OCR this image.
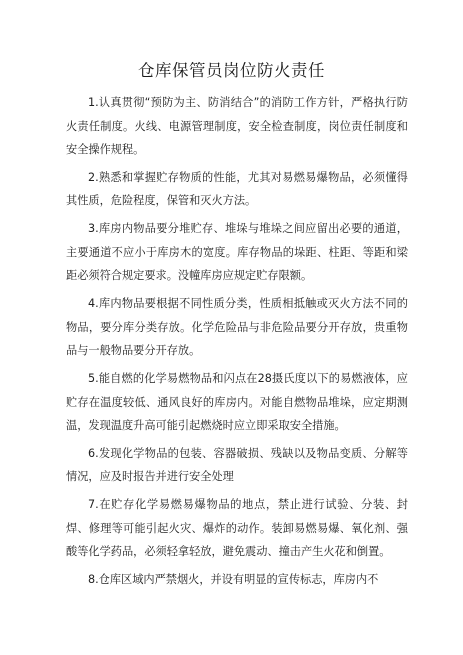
仓库保管员岗位防火责任

1.认真贯彻“预防为主、防消结合”的消防工作方针，严格执行防火责任制度。火线、电源管理制度，安全检查制度，岗位责任制度和安全操作规程。

2.熟悉和掌握贮存物质的性能，尤其对易燃易爆物品，必须懂得其性质，危险程度，保管和灭火方法。

3.库房内物品要分堆贮存、堆垛与堆垛之间应留出必要的通道，主要通道不应小于库房木的宽度。库存物品的垛距、柱距、等距和梁距必须符合规定要求。没幢库房应规定贮存限额。

4.库内物品要根据不同性质分类，性质相抵触或灭火方法不同的物品，要分库分类存放。化学危险品与非危险品要分开存放，贵重物品与一般物品要分开存放。

5.能自燃的化学易燃物品和闪点在28摄氏度以下的易燃液体，应贮存在温度较低、通风良好的库房内。对能自燃物品堆垛，应定期测温，发现温度升高可能引起燃烧时应立即采取安全措施。

6.发现化学物品的包装、容器破损、残缺以及物品变质、分解等情况，应及时报告并进行安全处理

7.在贮存化学易燃易爆物品的地点，禁止进行试验、分装、封焊、修理等可能引起火灾、爆炸的动作。装卸易燃易爆、氧化剂、强酸等化学药品，必须轻拿轻放，避免震动、撞击产生火花和倒置。

8.仓库区域内严禁烟火，并设有明显的宣传标志，库房内不
